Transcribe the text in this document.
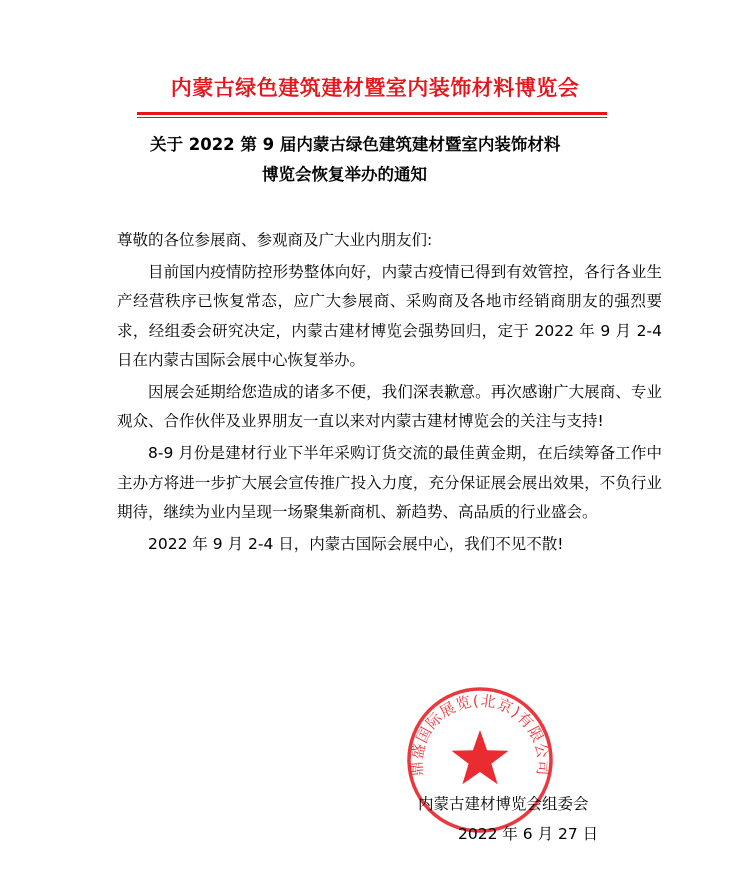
内蒙古绿色建筑建材暨室内装饰材料博览会
关于 2022 第 9 届内蒙古绿色建筑建材暨室内装饰材料
博览会恢复举办的通知

尊敬的各位参展商、参观商及广大业内朋友们:

目前国内疫情防控形势整体向好，内蒙古疫情已得到有效管控，各行各业生产经营秩序已恢复常态，应广大参展商、采购商及各地市经销商朋友的强烈要求，经组委会研究决定，内蒙古建材博览会强势回归，定于 2022 年 9 月 2-4 日在内蒙古国际会展中心恢复举办。

因展会延期给您造成的诸多不便，我们深表歉意。再次感谢广大展商、专业观众、合作伙伴及业界朋友一直以来对内蒙古建材博览会的关注与支持!

8-9 月份是建材行业下半年采购订货交流的最佳黄金期，在后续筹备工作中主办方将进一步扩大展会宣传推广投入力度，充分保证展会展出效果，不负行业期待，继续为业内呈现一场聚集新商机、新趋势、高品质的行业盛会。

2022 年 9 月 2-4 日，内蒙古国际会展中心，我们不见不散!

鼎盛国际展览(北京)有限公司
内蒙古建材博览会组委会
2022 年 6 月 27 日
